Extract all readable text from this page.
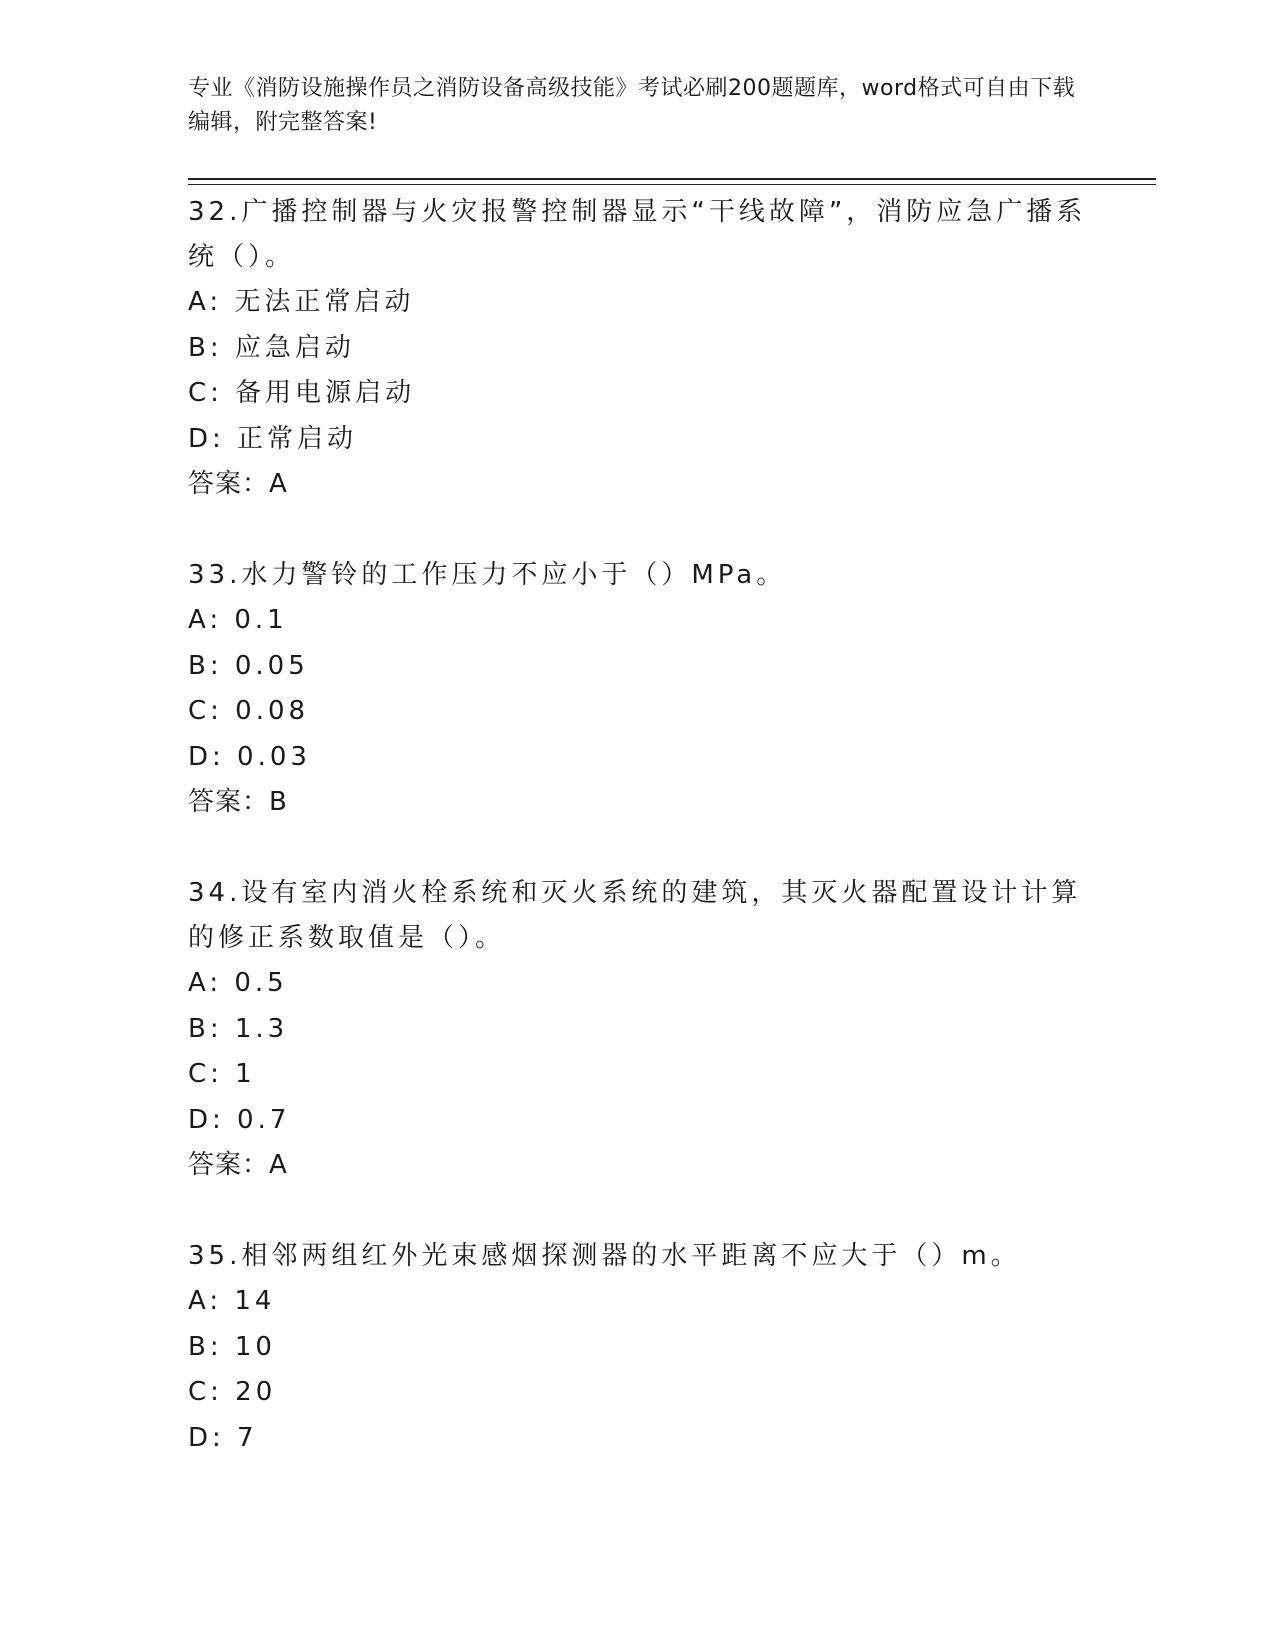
专业《消防设施操作员之消防设备高级技能》考试必刷200题题库，word格式可自由下载编辑，附完整答案!

32.广播控制器与火灾报警控制器显示“干线故障”，消防应急广播系统（）。

A: 无法正常启动

B: 应急启动

C: 备用电源启动

D: 正常启动

答案：A

33.水力警铃的工作压力不应小于（）MPa。

A: 0.1

B: 0.05

C: 0.08

D: 0.03

答案：B

34.设有室内消火栓系统和灭火系统的建筑，其灭火器配置设计计算的修正系数取值是（）。

A: 0.5

B: 1.3

C: 1

D: 0.7

答案：A

35.相邻两组红外光束感烟探测器的水平距离不应大于（）m。

A: 14

B: 10

C: 20

D: 7
